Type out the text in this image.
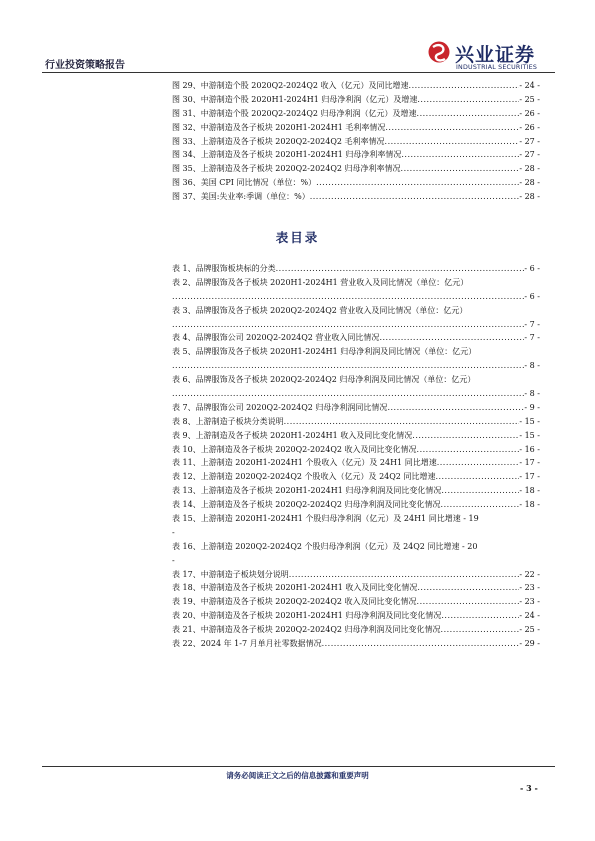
行业投资策略报告	兴业证券
INDUSTRIAL SECURITIES
图 29、中游制造个股 2020Q2-2024Q2 收入（亿元）及同比增速 .....	- 24 -
图 30、中游制造个股 2020H1-2024H1 归母净利润（亿元）及增速 .....	- 25 -
图 31、中游制造个股 2020Q2-2024Q2 归母净利润（亿元）及增速 .....	- 26 -
图 32、中游制造及各子板块 2020H1-2024H1 毛利率情况 .....	- 26 -
图 33、上游制造及各子板块 2020Q2-2024Q2 毛利率情况 .....	- 27 -
图 34、上游制造及各子板块 2020H1-2024H1 归母净利率情况 .....	- 27 -
图 35、上游制造及各子板块 2020Q2-2024Q2 归母净利率情况 .....	- 28 -
图 36、美国 CPI 同比情况（单位：%） .....	- 28 -
图 37、美国:失业率:季调（单位：%） .....	- 28 -
表目录
表 1、品牌服饰板块标的分类 .....	- 6 -
表 2、品牌服饰及各子板块 2020H1-2024H1 营业收入及同比情况（单位：亿元）
.....
- 6 -
表 3、品牌服饰及各子板块 2020Q2-2024Q2 营业收入及同比情况（单位：亿元）
.....
- 7 -
表 4、品牌服饰公司 2020Q2-2024Q2 营业收入同比情况 .....	- 7 -
表 5、品牌服饰及各子板块 2020H1-2024H1 归母净利润及同比情况（单位：亿元）
.....
- 8 -
表 6、品牌服饰及各子板块 2020Q2-2024Q2 归母净利润及同比情况（单位：亿元）
.....
- 8 -
表 7、品牌服饰公司 2020Q2-2024Q2 归母净利润同比情况 .....	- 9 -
表 8、上游制造子板块分类说明 .....	- 15 -
表 9、上游制造及各子板块 2020H1-2024H1 收入及同比变化情况 .....	- 15 -
表 10、上游制造及各子板块 2020Q2-2024Q2 收入及同比变化情况 .....	- 16 -
表 11、上游制造 2020H1-2024H1 个股收入（亿元）及 24H1 同比增速 .....	- 17 -
表 12、上游制造 2020Q2-2024Q2 个股收入（亿元）及 24Q2 同比增速 .....	- 17 -
表 13、上游制造及各子板块 2020H1-2024H1 归母净利润及同比变化情况 .....	- 18 -
表 14、上游制造及各子板块 2020Q2-2024Q2 归母净利润及同比变化情况 .....	- 18 -
表 15、上游制造 2020H1-2024H1 个股归母净利润（亿元）及 24H1 同比增速 - 19
-
表 16、上游制造 2020Q2-2024Q2 个股归母净利润（亿元）及 24Q2 同比增速 - 20
-
表 17、中游制造子板块划分说明 .....	- 22 -
表 18、中游制造及各子板块 2020H1-2024H1 收入及同比变化情况 .....	- 23 -
表 19、中游制造及各子板块 2020Q2-2024Q2 收入及同比变化情况 .....	- 23 -
表 20、中游制造及各子板块 2020H1-2024H1 归母净利润及同比变化情况 .....	- 24 -
表 21、中游制造及各子板块 2020Q2-2024Q2 归母净利润及同比变化情况 .....	- 25 -
表 22、2024 年 1-7 月单月社零数据情况 .....	- 29 -
请务必阅读正文之后的信息披露和重要声明
- 3 -
